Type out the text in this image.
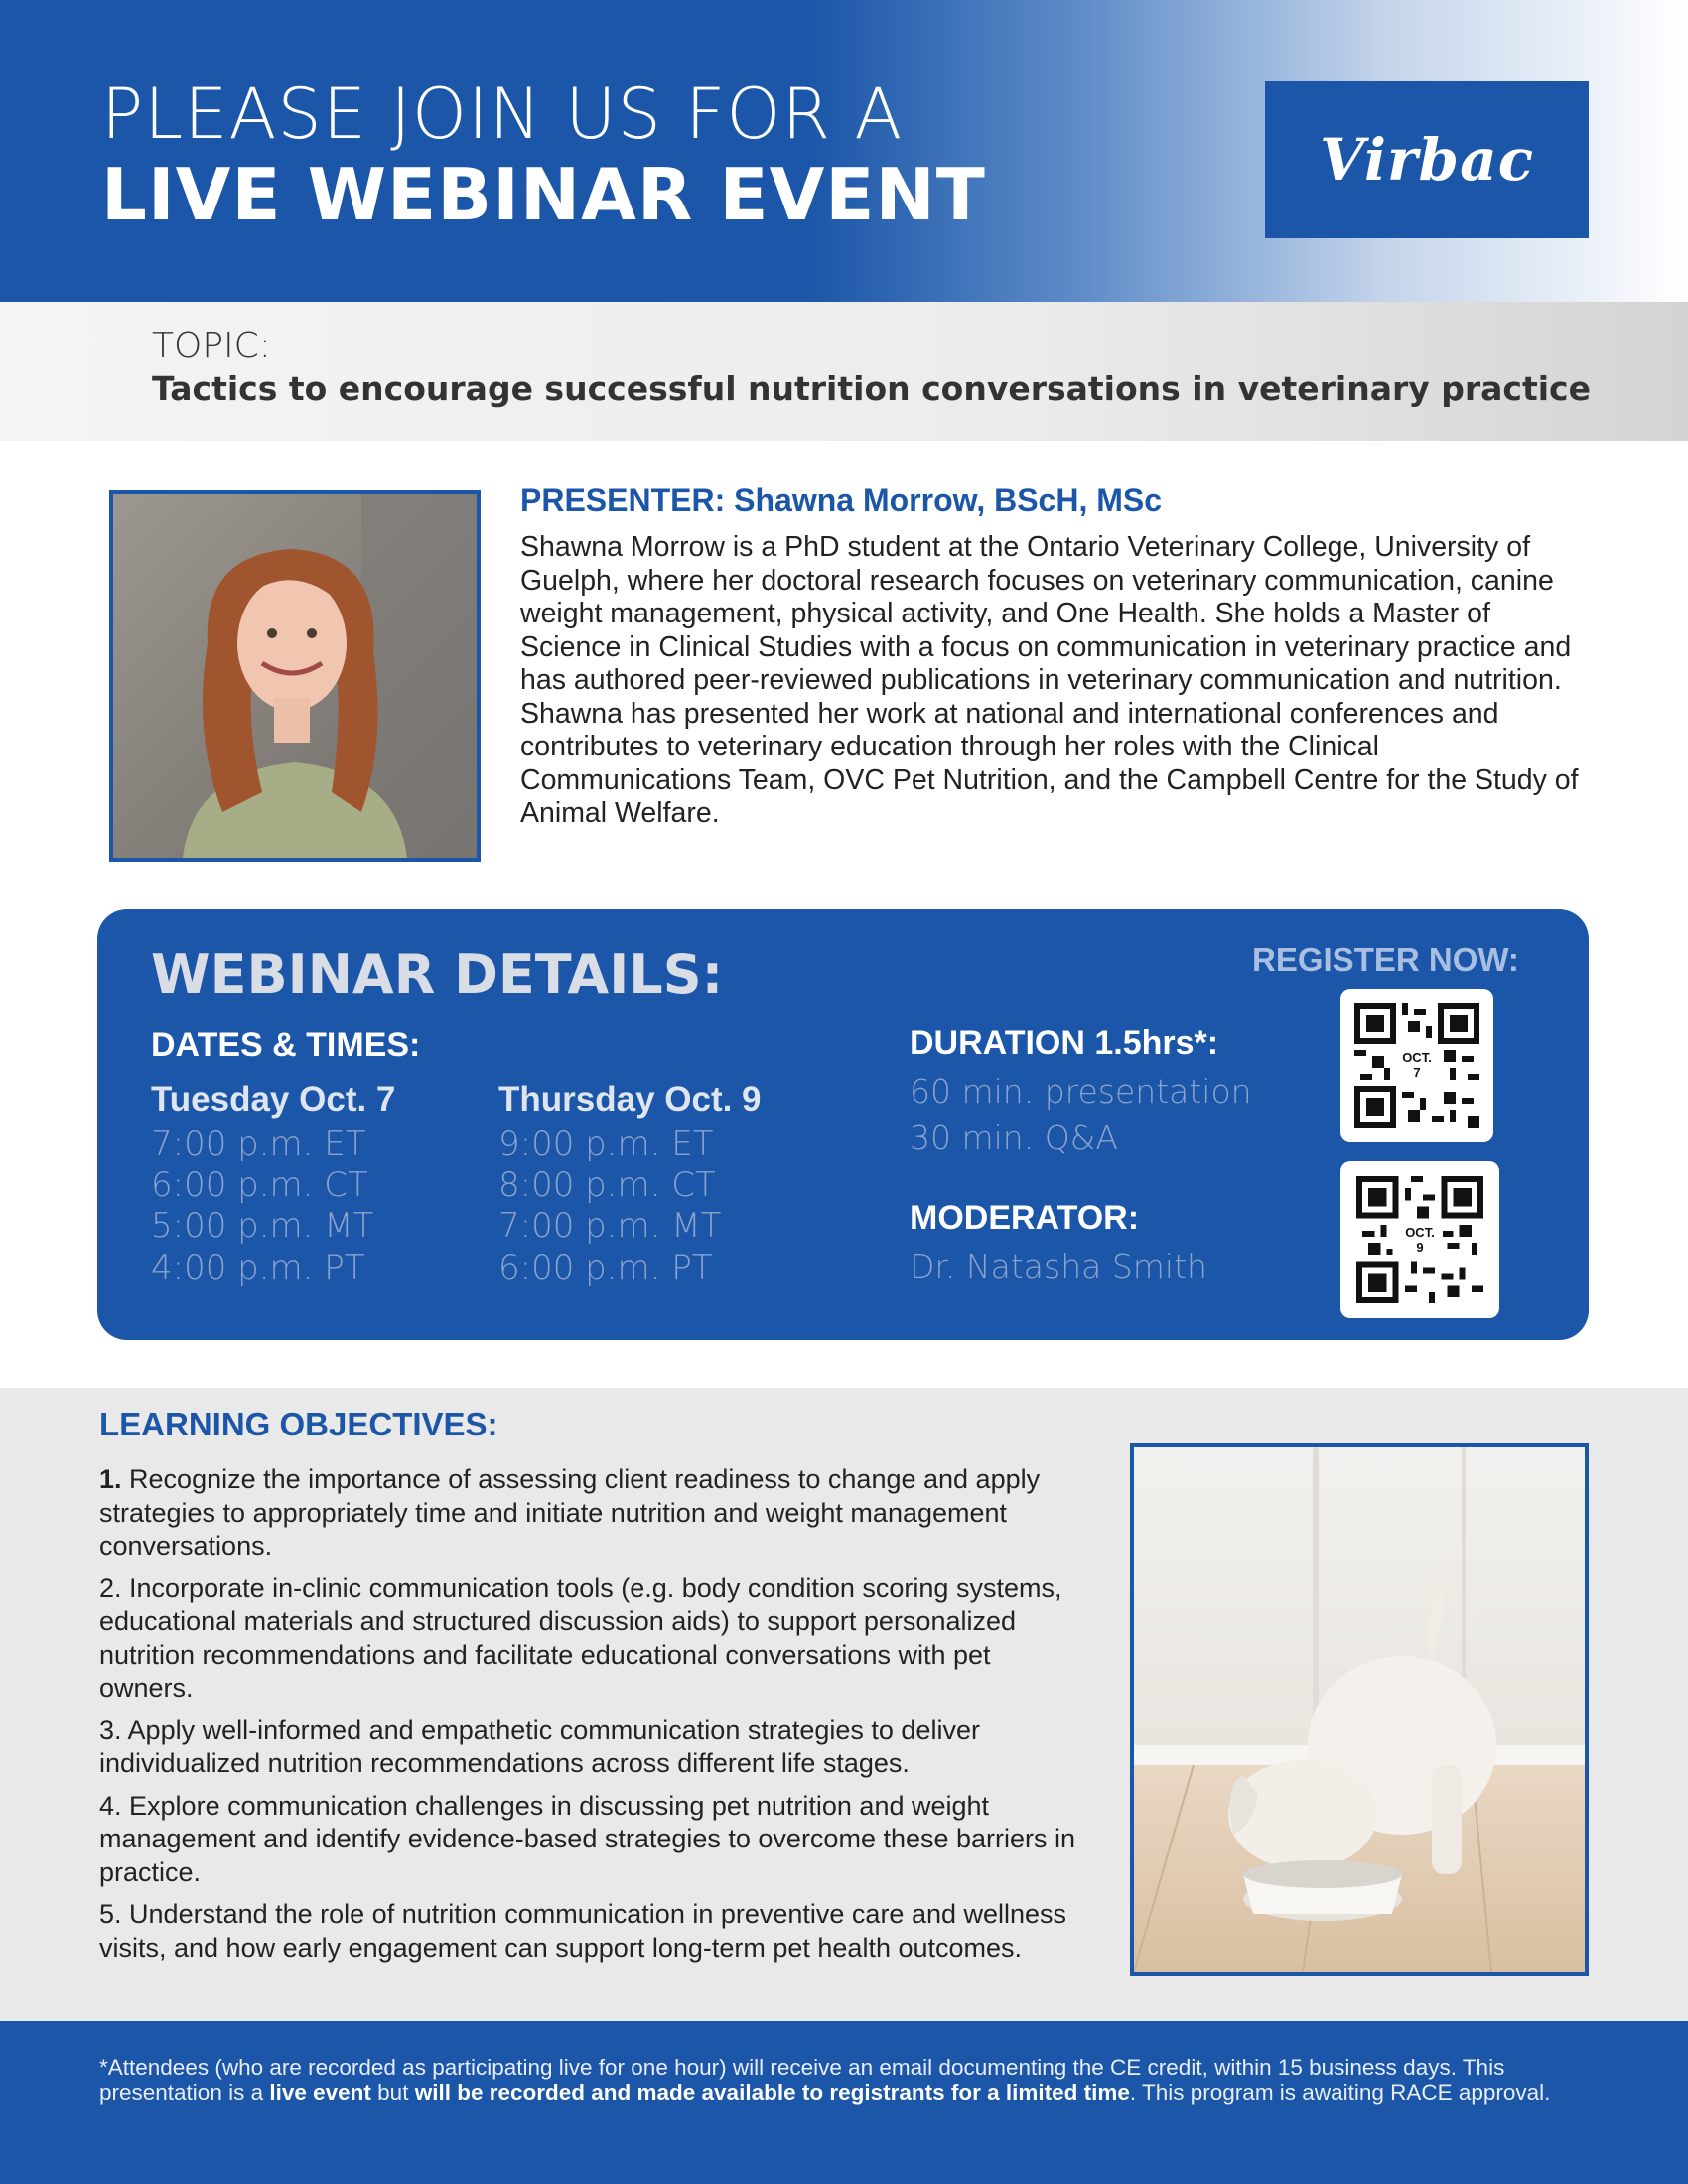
PLEASE JOIN US FOR A
LIVE WEBINAR EVENT	Virbac
TOPIC:
Tactics to encourage successful nutrition conversations in veterinary practice
PRESENTER: Shawna Morrow, BScH, MSc
Shawna Morrow is a PhD student at the Ontario Veterinary College, University of Guelph, where her doctoral research focuses on veterinary communication, canine weight management, physical activity, and One Health. She holds a Master of Science in Clinical Studies with a focus on communication in veterinary practice and has authored peer-reviewed publications in veterinary communication and nutrition. Shawna has presented her work at national and international conferences and contributes to veterinary education through her roles with the Clinical Communications Team, OVC Pet Nutrition, and the Campbell Centre for the Study of Animal Welfare.
WEBINAR DETAILS:	REGISTER NOW:
DATES & TIMES:
Tuesday Oct. 7
7:00 p.m. ET
6:00 p.m. CT
5:00 p.m. MT
4:00 p.m. PT
Thursday Oct. 9
9:00 p.m. ET
8:00 p.m. CT
7:00 p.m. MT
6:00 p.m. PT
DURATION 1.5hrs*:
60 min. presentation
30 min. Q&A
MODERATOR:
Dr. Natasha Smith
OCT.
7
OCT.
9
LEARNING OBJECTIVES:

1. Recognize the importance of assessing client readiness to change and apply strategies to appropriately time and initiate nutrition and weight management conversations.

2. Incorporate in-clinic communication tools (e.g. body condition scoring systems, educational materials and structured discussion aids) to support personalized nutrition recommendations and facilitate educational conversations with pet owners.

3. Apply well-informed and empathetic communication strategies to deliver individualized nutrition recommendations across different life stages.

4. Explore communication challenges in discussing pet nutrition and weight management and identify evidence-based strategies to overcome these barriers in practice.

5. Understand the role of nutrition communication in preventive care and wellness visits, and how early engagement can support long-term pet health outcomes.

*Attendees (who are recorded as participating live for one hour) will receive an email documenting the CE credit, within 15 business days. This presentation is a live event but will be recorded and made available to registrants for a limited time. This program is awaiting RACE approval.
